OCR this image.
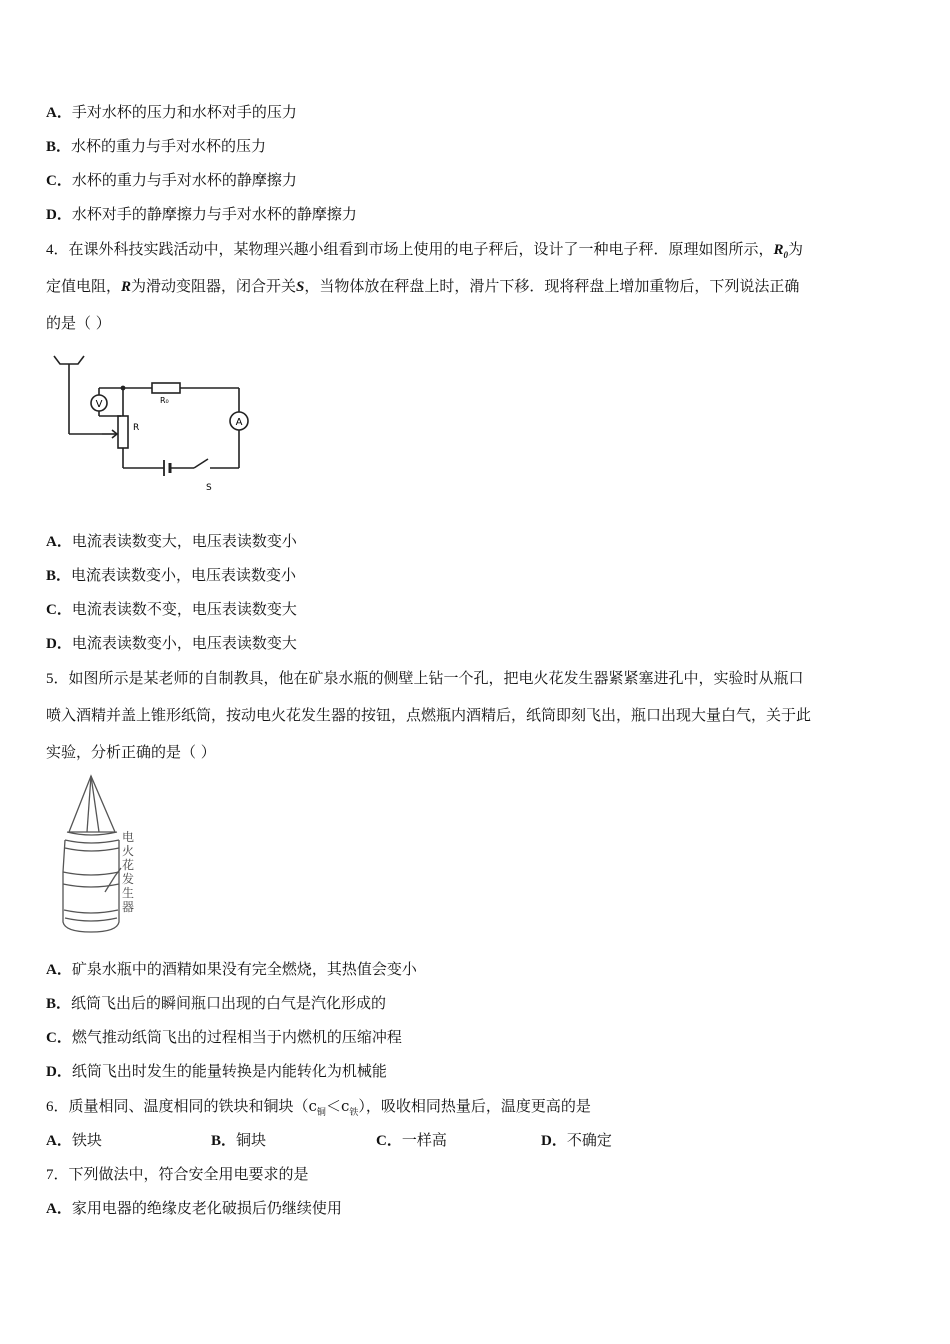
A．手对水杯的压力和水杯对手的压力
B．水杯的重力与手对水杯的压力
C．水杯的重力与手对水杯的静摩擦力
D．水杯对手的静摩擦力与手对水杯的静摩擦力
4．在课外科技实践活动中，某物理兴趣小组看到市场上使用的电子秤后，设计了一种电子秤．原理如图所示，$R_0$为
定值电阻，R为滑动变阻器，闭合开关S，当物体放在秤盘上时，滑片下移．现将秤盘上增加重物后，下列说法正确
的是（ ）
V
A
R₀
R
S
A．电流表读数变大，电压表读数变小
B．电流表读数变小，电压表读数变小
C．电流表读数不变，电压表读数变大
D．电流表读数变小，电压表读数变大
5．如图所示是某老师的自制教具，他在矿泉水瓶的侧壁上钻一个孔，把电火花发生器紧紧塞进孔中，实验时从瓶口
喷入酒精并盖上锥形纸筒，按动电火花发生器的按钮，点燃瓶内酒精后，纸筒即刻飞出，瓶口出现大量白气，关于此
实验，分析正确的是（ ）
电
火
花
发
生
器
A．矿泉水瓶中的酒精如果没有完全燃烧，其热值会变小
B．纸筒飞出后的瞬间瓶口出现的白气是汽化形成的
C．燃气推动纸筒飞出的过程相当于内燃机的压缩冲程
D．纸筒飞出时发生的能量转换是内能转化为机械能
6．质量相同、温度相同的铁块和铜块$(c_铜<c_铁)$，吸收相同热量后，温度更高的是
A．铁块	B．铜块	C．一样高	D．不确定
7．下列做法中，符合安全用电要求的是
A．家用电器的绝缘皮老化破损后仍继续使用
